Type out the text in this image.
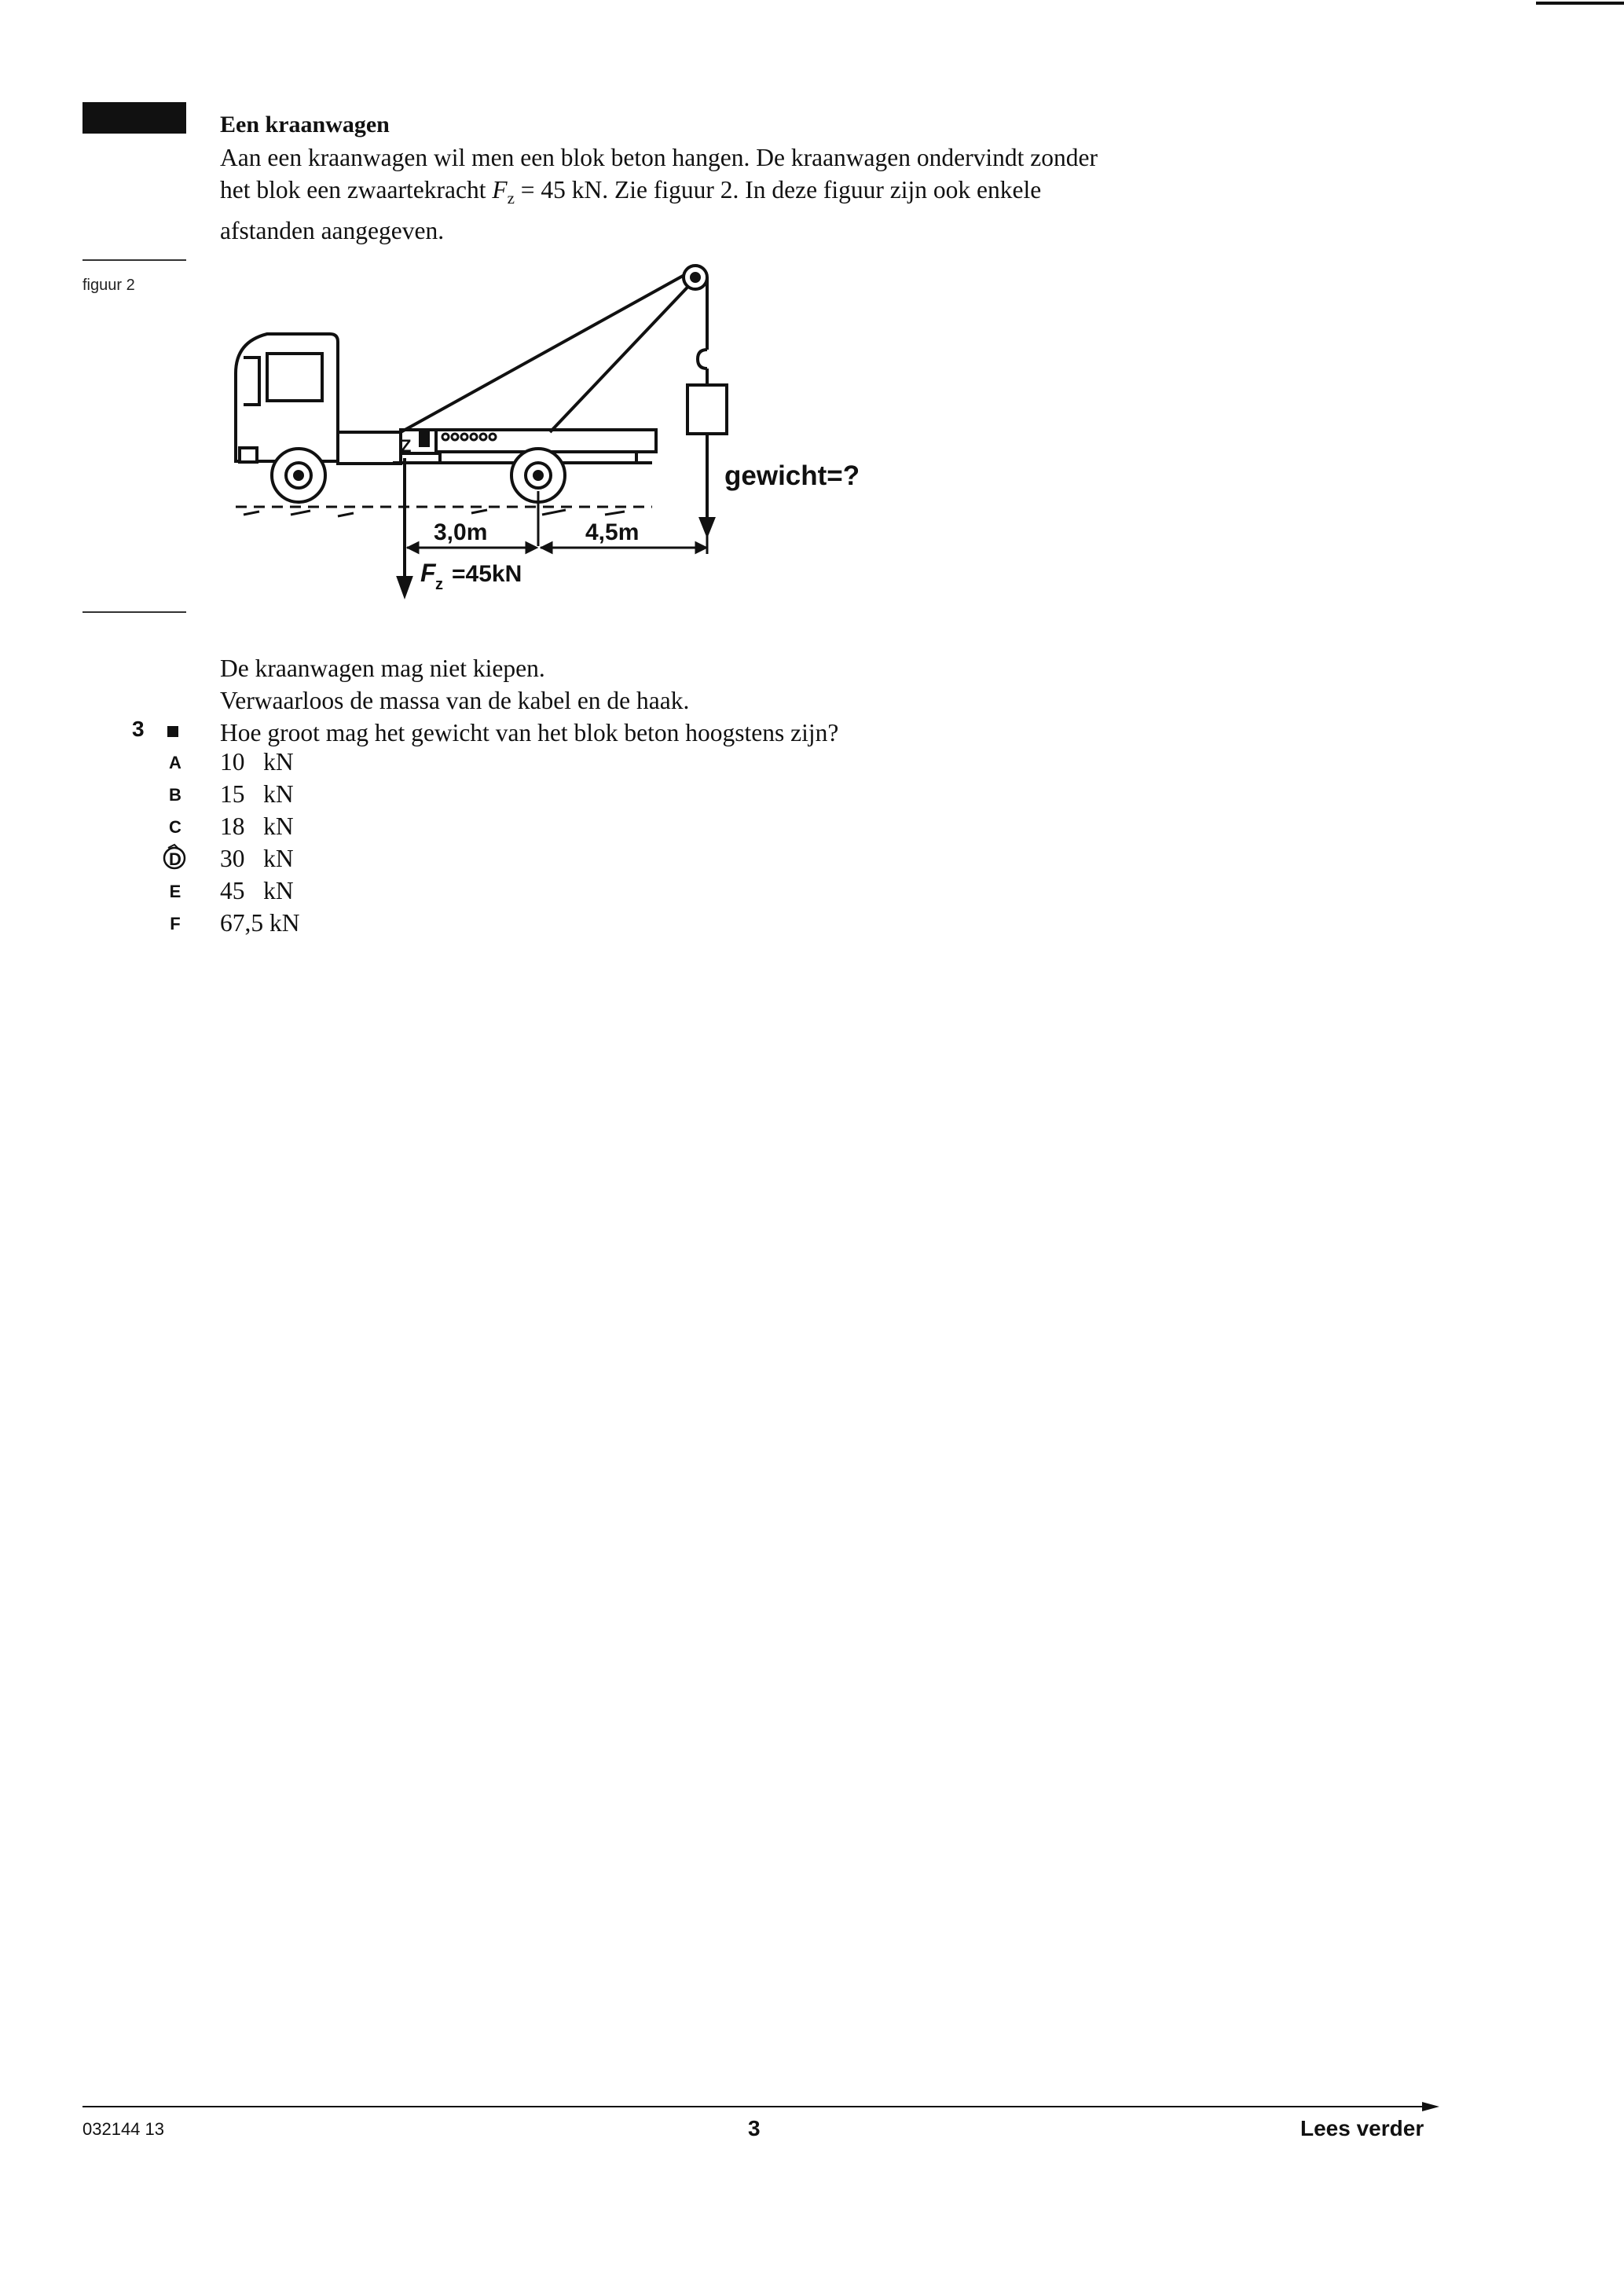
Een kraanwagen
Aan een kraanwagen wil men een blok beton hangen. De kraanwagen ondervindt zonder
het blok een zwaartekracht $F_z = 45$ kN. Zie figuur 2. In deze figuur zijn ook enkele
afstanden aangegeven.
figuur 2
gewicht=?
Z
3,0m	4,5m
F z =45kN
De kraanwagen mag niet kiepen.
Verwaarloos de massa van de kabel en de haak.
Hoe groot mag het gewicht van het blok beton hoogstens zijn?
3
A 10   kN
B 15   kN
C 18   kN
D 30   kN
E 45   kN
F 67,5 kN
032144 13	3	Lees verder
